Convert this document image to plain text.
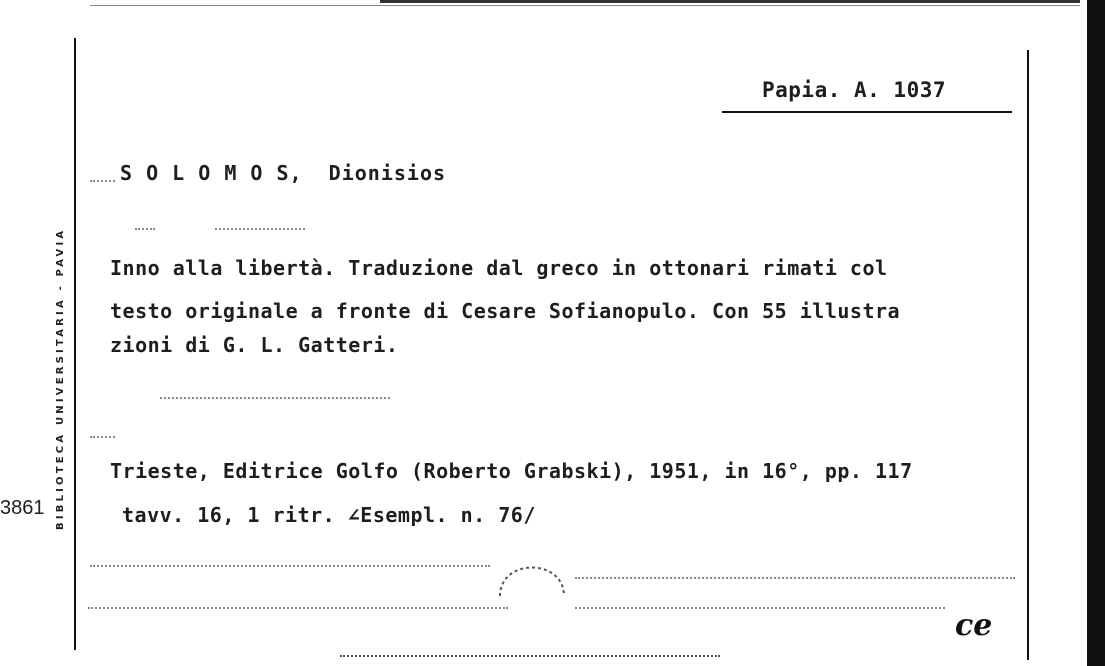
Papia. A. 1037
S O L O M O S,  Dionisios
Inno alla libertà. Traduzione dal greco in ottonari rimati col
testo originale a fronte di Cesare Sofianopulo. Con 55 illustra
zioni di G. L. Gatteri.
Trieste, Editrice Golfo (Roberto Grabski), 1951, in 16°, pp. 117
tavv. 16, 1 ritr. ∠Esempl. n. 76/
BIBLIOTECA UNIVERSITARIA - PAVIA
3861
ce
